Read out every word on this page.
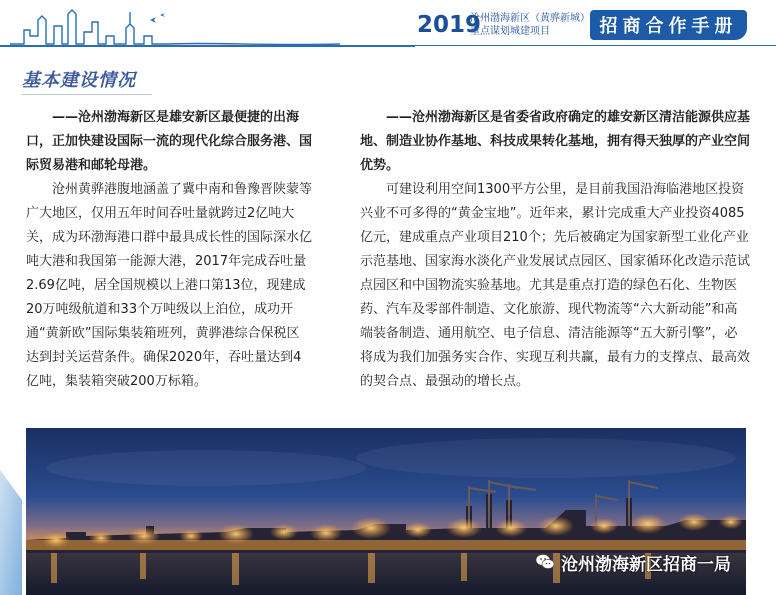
2019
沧州渤海新区（黄骅新城）
重点谋划城建项目	招商合作手册
基本建设情况

——沧州渤海新区是雄安新区最便捷的出海口，正加快建设国际一流的现代化综合服务港、国际贸易港和邮轮母港。

沧州黄骅港腹地涵盖了冀中南和鲁豫晋陕蒙等广大地区，仅用五年时间吞吐量就跨过2亿吨大关，成为环渤海港口群中最具成长性的国际深水亿吨大港和我国第一能源大港，2017年完成吞吐量2.69亿吨，居全国规模以上港口第13位，现建成20万吨级航道和33个万吨级以上泊位，成功开通“黄新欧”国际集装箱班列，黄骅港综合保税区达到封关运营条件。确保2020年，吞吐量达到4亿吨，集装箱突破200万标箱。

——沧州渤海新区是省委省政府确定的雄安新区清洁能源供应基地、制造业协作基地、科技成果转化基地，拥有得天独厚的产业空间优势。

可建设利用空间1300平方公里，是目前我国沿海临港地区投资兴业不可多得的“黄金宝地”。近年来，累计完成重大产业投资4085亿元，建成重点产业项目210个；先后被确定为国家新型工业化产业示范基地、国家海水淡化产业发展试点园区、国家循环化改造示范试点园区和中国物流实验基地。尤其是重点打造的绿色石化、生物医药、汽车及零部件制造、文化旅游、现代物流等“六大新动能”和高端装备制造、通用航空、电子信息、清洁能源等“五大新引擎”，必将成为我们加强务实合作、实现互利共赢，最有力的支撑点、最高效的契合点、最强动的增长点。

沧州渤海新区招商一局
